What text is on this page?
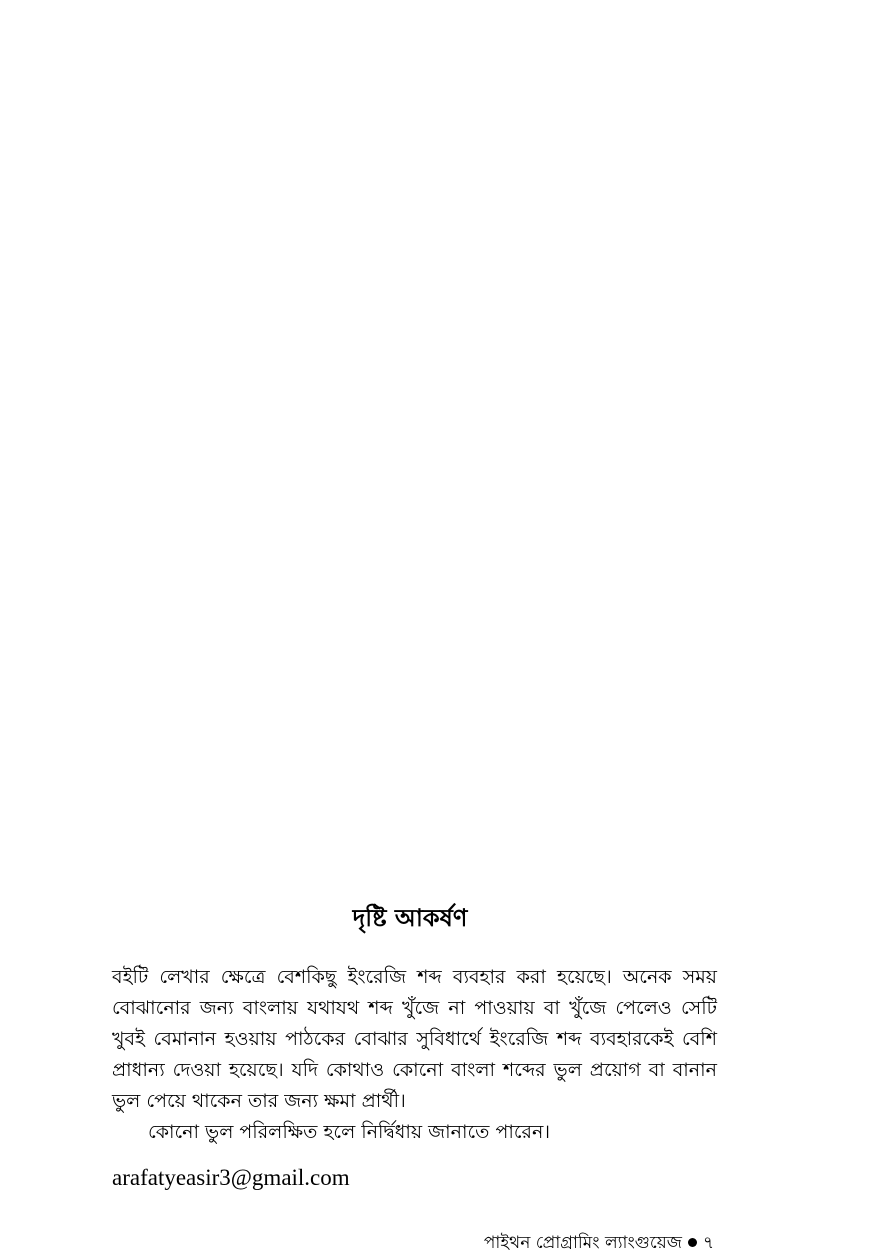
দৃষ্টি আকর্ষণ

বইটি লেখার ক্ষেত্রে বেশকিছু ইংরেজি শব্দ ব্যবহার করা হয়েছে। অনেক সময় বোঝানোর জন্য বাংলায় যথাযথ শব্দ খুঁজে না পাওয়ায় বা খুঁজে পেলেও সেটি খুবই বেমানান হওয়ায় পাঠকের বোঝার সুবিধার্থে ইংরেজি শব্দ ব্যবহারকেই বেশি প্রাধান্য দেওয়া হয়েছে। যদি কোথাও কোনো বাংলা শব্দের ভুল প্রয়োগ বা বানান ভুল পেয়ে থাকেন তার জন্য ক্ষমা প্রার্থী।

কোনো ভুল পরিলক্ষিত হলে নির্দ্বিধায় জানাতে পারেন।

arafatyeasir3@gmail.com

পাইথন প্রোগ্রামিং ল্যাংগুয়েজ ৭
